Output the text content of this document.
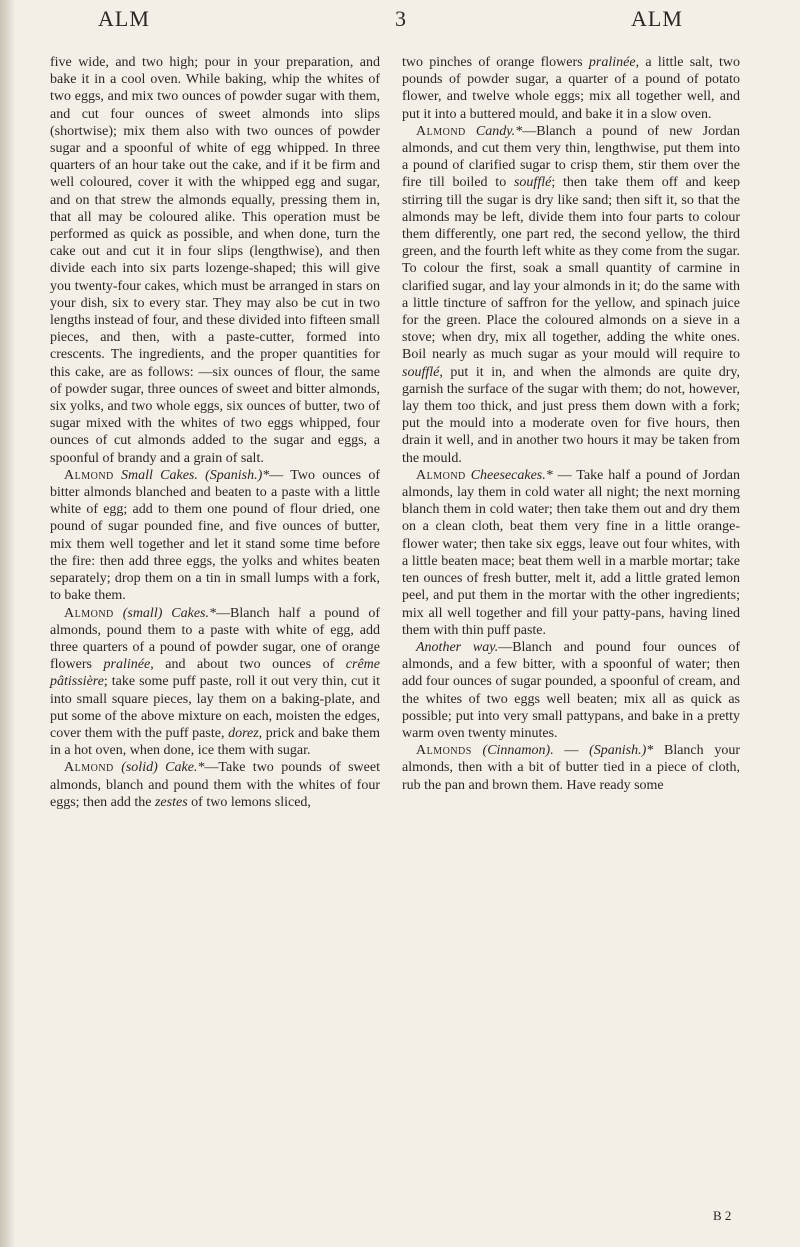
ALM	3	ALM

five wide, and two high; pour in your preparation, and bake it in a cool oven. While baking, whip the whites of two eggs, and mix two ounces of powder sugar with them, and cut four ounces of sweet almonds into slips (shortwise); mix them also with two ounces of powder sugar and a spoonful of white of egg whipped. In three quarters of an hour take out the cake, and if it be firm and well coloured, cover it with the whipped egg and sugar, and on that strew the almonds equally, pressing them in, that all may be coloured alike. This operation must be performed as quick as possible, and when done, turn the cake out and cut it in four slips (lengthwise), and then divide each into six parts lozenge-shaped; this will give you twenty-four cakes, which must be arranged in stars on your dish, six to every star. They may also be cut in two lengths instead of four, and these divided into fifteen small pieces, and then, with a paste-cutter, formed into crescents. The ingredients, and the proper quantities for this cake, are as follows: —six ounces of flour, the same of powder sugar, three ounces of sweet and bitter almonds, six yolks, and two whole eggs, six ounces of butter, two of sugar mixed with the whites of two eggs whipped, four ounces of cut almonds added to the sugar and eggs, a spoonful of brandy and a grain of salt.

Almond Small Cakes. (Spanish.)*— Two ounces of bitter almonds blanched and beaten to a paste with a little white of egg; add to them one pound of flour dried, one pound of sugar pounded fine, and five ounces of butter, mix them well together and let it stand some time before the fire: then add three eggs, the yolks and whites beaten separately; drop them on a tin in small lumps with a fork, to bake them.

Almond (small) Cakes.*—Blanch half a pound of almonds, pound them to a paste with white of egg, add three quarters of a pound of powder sugar, one of orange flowers pralinée, and about two ounces of crême pâtissière; take some puff paste, roll it out very thin, cut it into small square pieces, lay them on a baking-plate, and put some of the above mixture on each, moisten the edges, cover them with the puff paste, dorez, prick and bake them in a hot oven, when done, ice them with sugar.

Almond (solid) Cake.*—Take two pounds of sweet almonds, blanch and pound them with the whites of four eggs; then add the zestes of two lemons sliced,

two pinches of orange flowers pralinée, a little salt, two pounds of powder sugar, a quarter of a pound of potato flower, and twelve whole eggs; mix all together well, and put it into a buttered mould, and bake it in a slow oven.

Almond Candy.*—Blanch a pound of new Jordan almonds, and cut them very thin, lengthwise, put them into a pound of clarified sugar to crisp them, stir them over the fire till boiled to soufflé; then take them off and keep stirring till the sugar is dry like sand; then sift it, so that the almonds may be left, divide them into four parts to colour them differently, one part red, the second yellow, the third green, and the fourth left white as they come from the sugar. To colour the first, soak a small quantity of carmine in clarified sugar, and lay your almonds in it; do the same with a little tincture of saffron for the yellow, and spinach juice for the green. Place the coloured almonds on a sieve in a stove; when dry, mix all together, adding the white ones. Boil nearly as much sugar as your mould will require to soufflé, put it in, and when the almonds are quite dry, garnish the surface of the sugar with them; do not, however, lay them too thick, and just press them down with a fork; put the mould into a moderate oven for five hours, then drain it well, and in another two hours it may be taken from the mould.

Almond Cheesecakes.* — Take half a pound of Jordan almonds, lay them in cold water all night; the next morning blanch them in cold water; then take them out and dry them on a clean cloth, beat them very fine in a little orange-flower water; then take six eggs, leave out four whites, with a little beaten mace; beat them well in a marble mortar; take ten ounces of fresh butter, melt it, add a little grated lemon peel, and put them in the mortar with the other ingredients; mix all well together and fill your patty-pans, having lined them with thin puff paste.

Another way.—Blanch and pound four ounces of almonds, and a few bitter, with a spoonful of water; then add four ounces of sugar pounded, a spoonful of cream, and the whites of two eggs well beaten; mix all as quick as possible; put into very small pattypans, and bake in a pretty warm oven twenty minutes.

Almonds (Cinnamon). — (Spanish.)* Blanch your almonds, then with a bit of butter tied in a piece of cloth, rub the pan and brown them. Have ready some

B 2
